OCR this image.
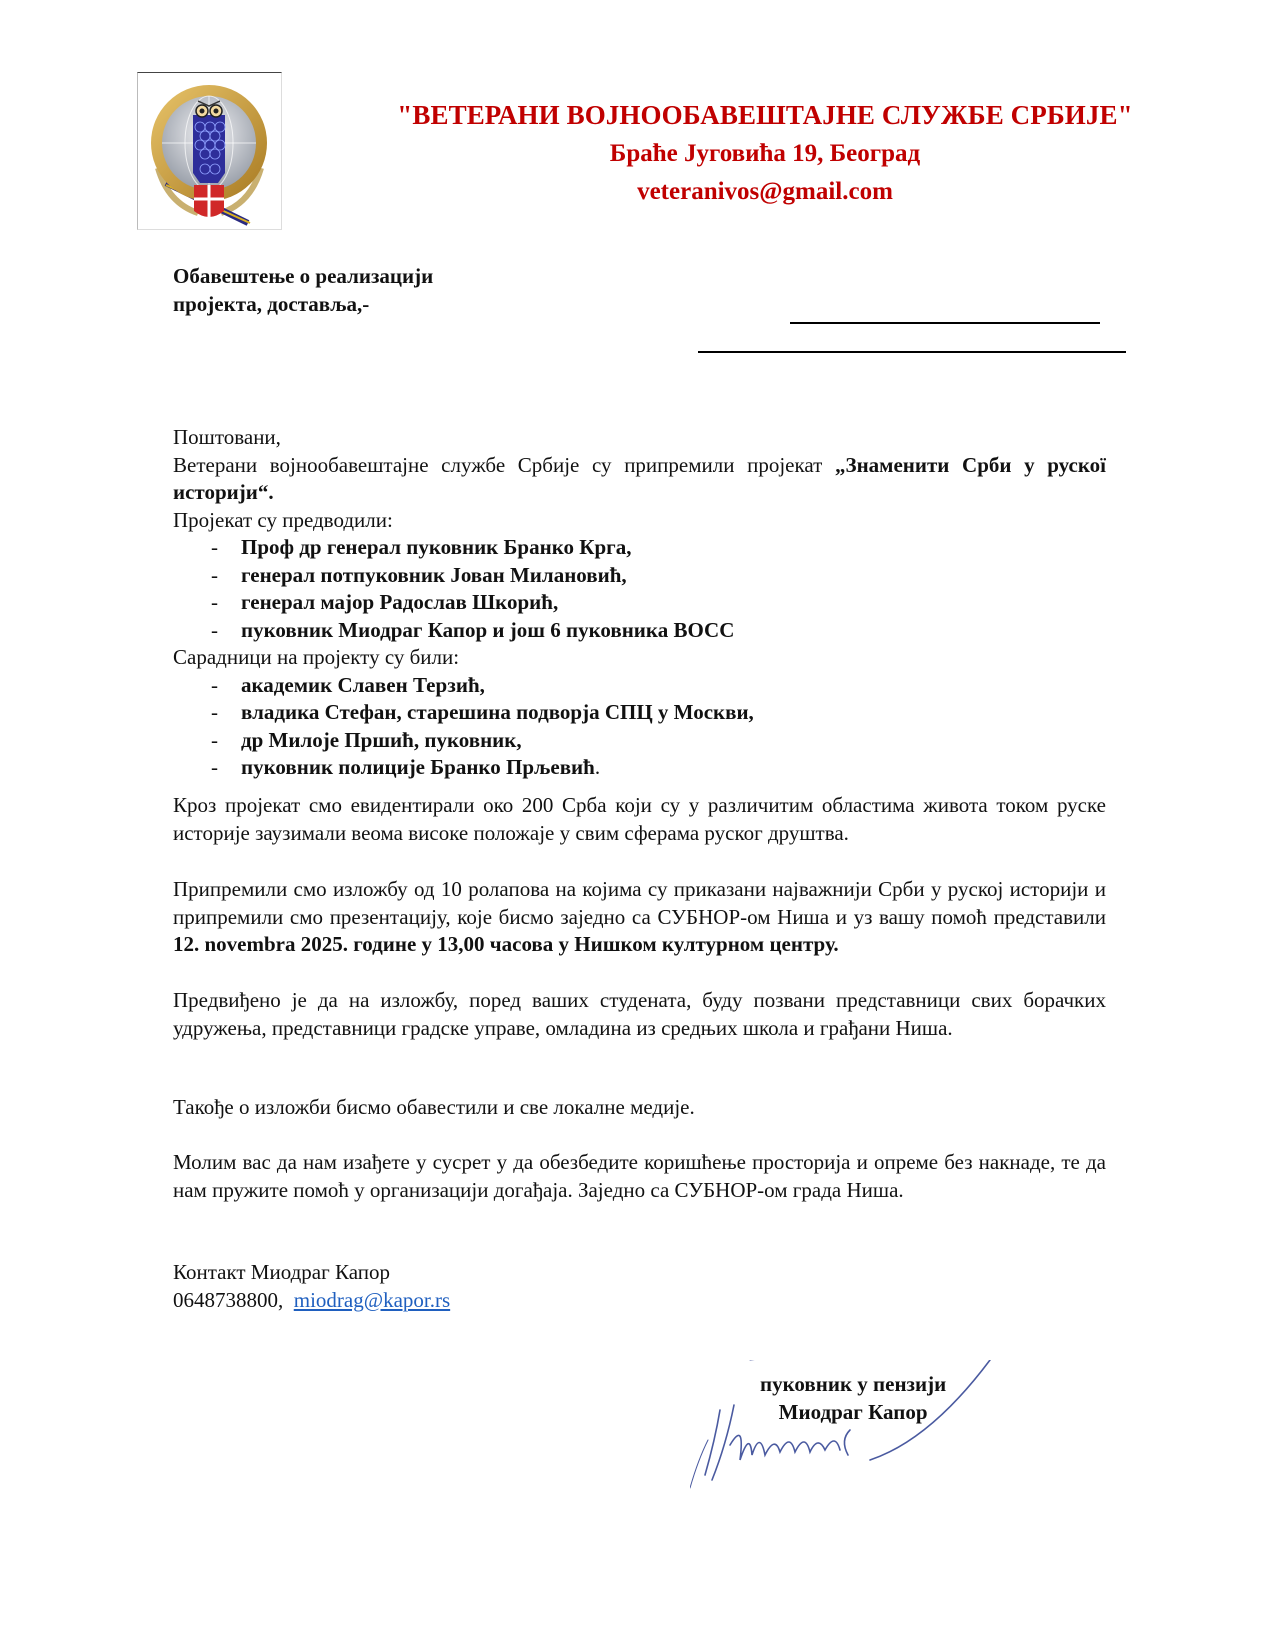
"ВЕТЕРАНИ ВОЈНООБАВЕШТАЈНЕ СЛУЖБЕ СРБИЈЕ"
Браће Југовића 19, Београд
veteranivos@gmail.com
Обавештење о реализацији
пројекта, доставља,-
Поштовани,
Ветерани војнообавештајне службе Србије су припремили пројекат „Знаменити Срби у рускої историји“.
Пројекат су предводили:
- Проф др генерал пуковник Бранко Крга,
- генерал потпуковник Јован Милановић,
- генерал мајор Радослав Шкорић,
- пуковник Миодраг Капор и још 6 пуковника ВОСС
Сарадници на пројекту су били:
- академик Славен Терзић,
- владика Стефан, старешина подворја СПЦ у Москви,
- др Милоје Пршић, пуковник,
- пуковник полиције Бранко Прљевић.
Кроз пројекат смо евидентирали око 200 Срба који су у различитим областима живота током руске историје заузимали веома високе положаје у свим сферама руског друштва.
Припремили смо изложбу од 10 ролапова на којима су приказани најважнији Срби у руској историји и припремили смо презентацију, које бисмо заједно са СУБНОР-ом Ниша и уз вашу помоћ представили 12. novembra 2025. године у 13,00 часова у Нишком културном центру.
Предвиђено је да на изложбу, поред ваших студената, буду позвани представници свих борачких удружења, представници градске управе, омладина из средњих школа и грађани Ниша.
Такође о изложби бисмо обавестили и све локалне медије.
Молим вас да нам изађете у сусрет у да обезбедите коришћење просторија и опреме без накнаде, те да нам пружите помоћ у организацији догађаја. Заједно са СУБНОР-ом града Ниша.
Контакт Миодраг Капор
0648738800, miodrag@kapor.rs
пуковник у пензији
Миодраг Капор
